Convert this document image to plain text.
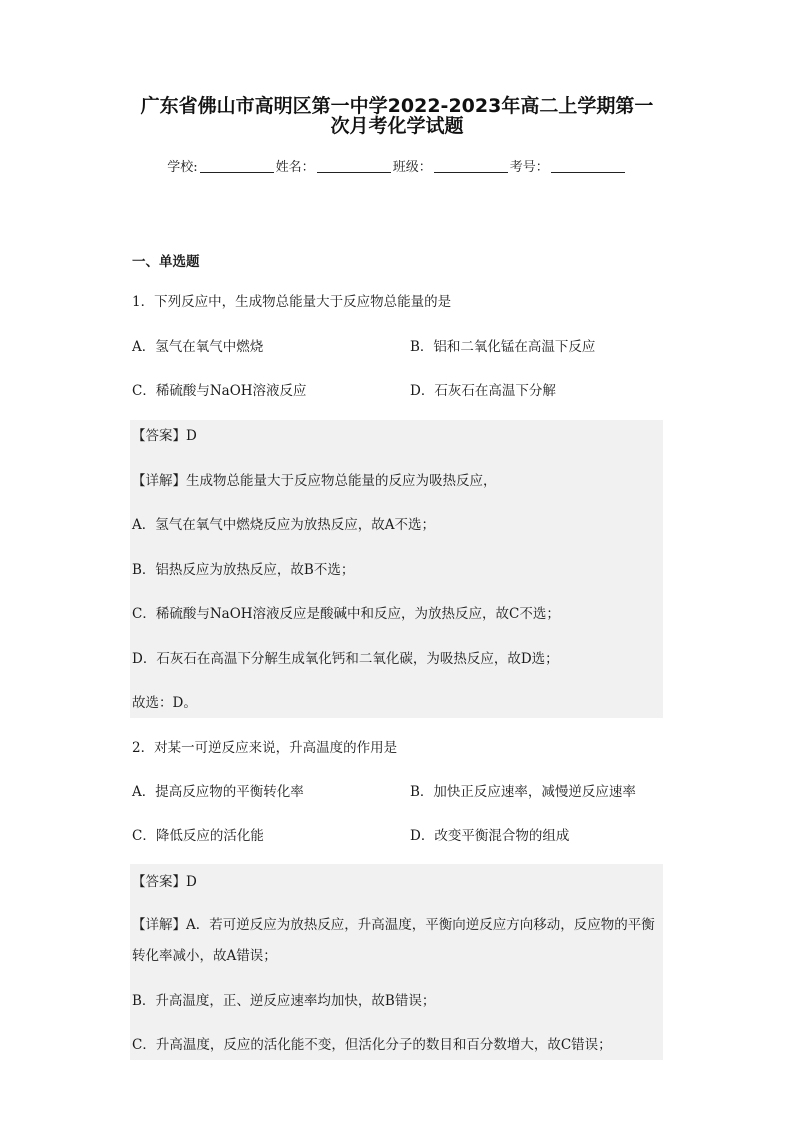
广东省佛山市高明区第一中学2022-2023年高二上学期第一
次月考化学试题
学校:	姓名：	班级：	考号：
一、单选题
1．下列反应中，生成物总能量大于反应物总能量的是
A．氢气在氧气中燃烧	B．铝和二氧化锰在高温下反应
C．稀硫酸与NaOH溶液反应	D．石灰石在高温下分解
【答案】D
【详解】生成物总能量大于反应物总能量的反应为吸热反应，
A．氢气在氧气中燃烧反应为放热反应，故A不选；
B．铝热反应为放热反应，故B不选；
C．稀硫酸与NaOH溶液反应是酸碱中和反应，为放热反应，故C不选；
D．石灰石在高温下分解生成氧化钙和二氧化碳，为吸热反应，故D选；
故选：D。
2．对某一可逆反应来说，升高温度的作用是
A．提高反应物的平衡转化率	B．加快正反应速率，减慢逆反应速率
C．降低反应的活化能	D．改变平衡混合物的组成
【答案】D
【详解】A．若可逆反应为放热反应，升高温度，平衡向逆反应方向移动，反应物的平衡转化率减小，故A错误；
B．升高温度，正、逆反应速率均加快，故B错误；
C．升高温度，反应的活化能不变，但活化分子的数目和百分数增大，故C错误；
